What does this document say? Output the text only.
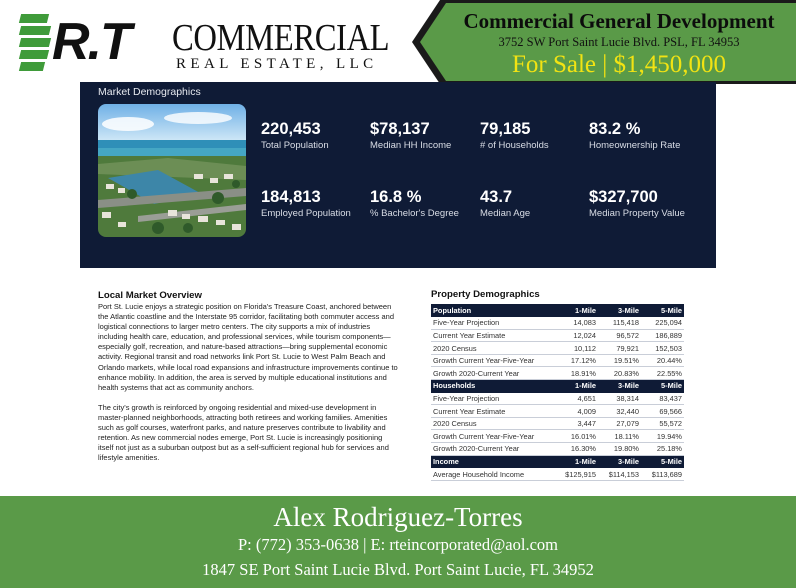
R.T COMMERCIAL
REAL ESTATE, LLC
Commercial General Development
3752 SW Port Saint Lucie Blvd. PSL, FL 34953
For Sale | $1,450,000
Market Demographics
220,453
Total Population
$78,137
Median HH Income
79,185
# of Households
83.2 %
Homeownership Rate
184,813
Employed Population
16.8 %
% Bachelor's Degree
43.7
Median Age
$327,700
Median Property Value
Local Market Overview

Port St. Lucie enjoys a strategic position on Florida's Treasure Coast, anchored between the Atlantic coastline and the Interstate 95 corridor, facilitating both commuter access and logistical connections to larger metro centers. The city supports a mix of industries including health care, education, and professional services, while tourism components—especially golf, recreation, and nature-based attractions—bring supplemental economic activity. Regional transit and road networks link Port St. Lucie to West Palm Beach and Orlando markets, while local road expansions and infrastructure improvements continue to enhance mobility. In addition, the area is served by multiple educational institutions and health systems that act as community anchors.

The city's growth is reinforced by ongoing residential and mixed-use development in master-planned neighborhoods, attracting both retirees and working families. Amenities such as golf courses, waterfront parks, and nature preserves contribute to livability and retention. As new commercial nodes emerge, Port St. Lucie is increasingly positioning itself not just as a suburban outpost but as a self-sufficient regional hub for services and lifestyle amenities.

Property Demographics
Population	1-Mile	3-Mile	5-Mile
Five-Year Projection	14,083	115,418	225,094
Current Year Estimate	12,024	96,572	186,889
2020 Census	10,112	79,921	152,503
Growth Current Year-Five-Year	17.12%	19.51%	20.44%
Growth 2020-Current Year	18.91%	20.83%	22.55%
Households	1-Mile	3-Mile	5-Mile
Five-Year Projection	4,651	38,314	83,437
Current Year Estimate	4,009	32,440	69,566
2020 Census	3,447	27,079	55,572
Growth Current Year-Five-Year	16.01%	18.11%	19.94%
Growth 2020-Current Year	16.30%	19.80%	25.18%
Income	1-Mile	3-Mile	5-Mile
Average Household Income	$125,915	$114,153	$113,689
Alex Rodriguez-Torres
P: (772) 353-0638 | E: rteincorporated@aol.com
1847 SE Port Saint Lucie Blvd. Port Saint Lucie, FL 34952
